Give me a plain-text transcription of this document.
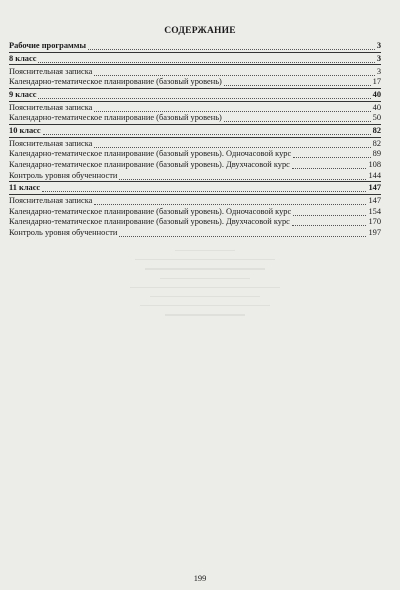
СОДЕРЖАНИЕ
Рабочие программы	3
8 класс	3
Пояснительная записка	3
Календарно-тематическое планирование (базовый уровень)	17
9 класс	40
Пояснительная записка	40
Календарно-тематическое планирование (базовый уровень)	50
10 класс	82
Пояснительная записка	82
Календарно-тематическое планирование (базовый уровень). Одночасовой курс	89
Календарно-тематическое планирование (базовый уровень). Двухчасовой курс	108
Контроль уровня обученности	144
11 класс	147
Пояснительная записка	147
Календарно-тематическое планирование (базовый уровень). Одночасовой курс	154
Календарно-тематическое планирование (базовый уровень). Двухчасовой курс	170
Контроль уровня обученности	197
199
